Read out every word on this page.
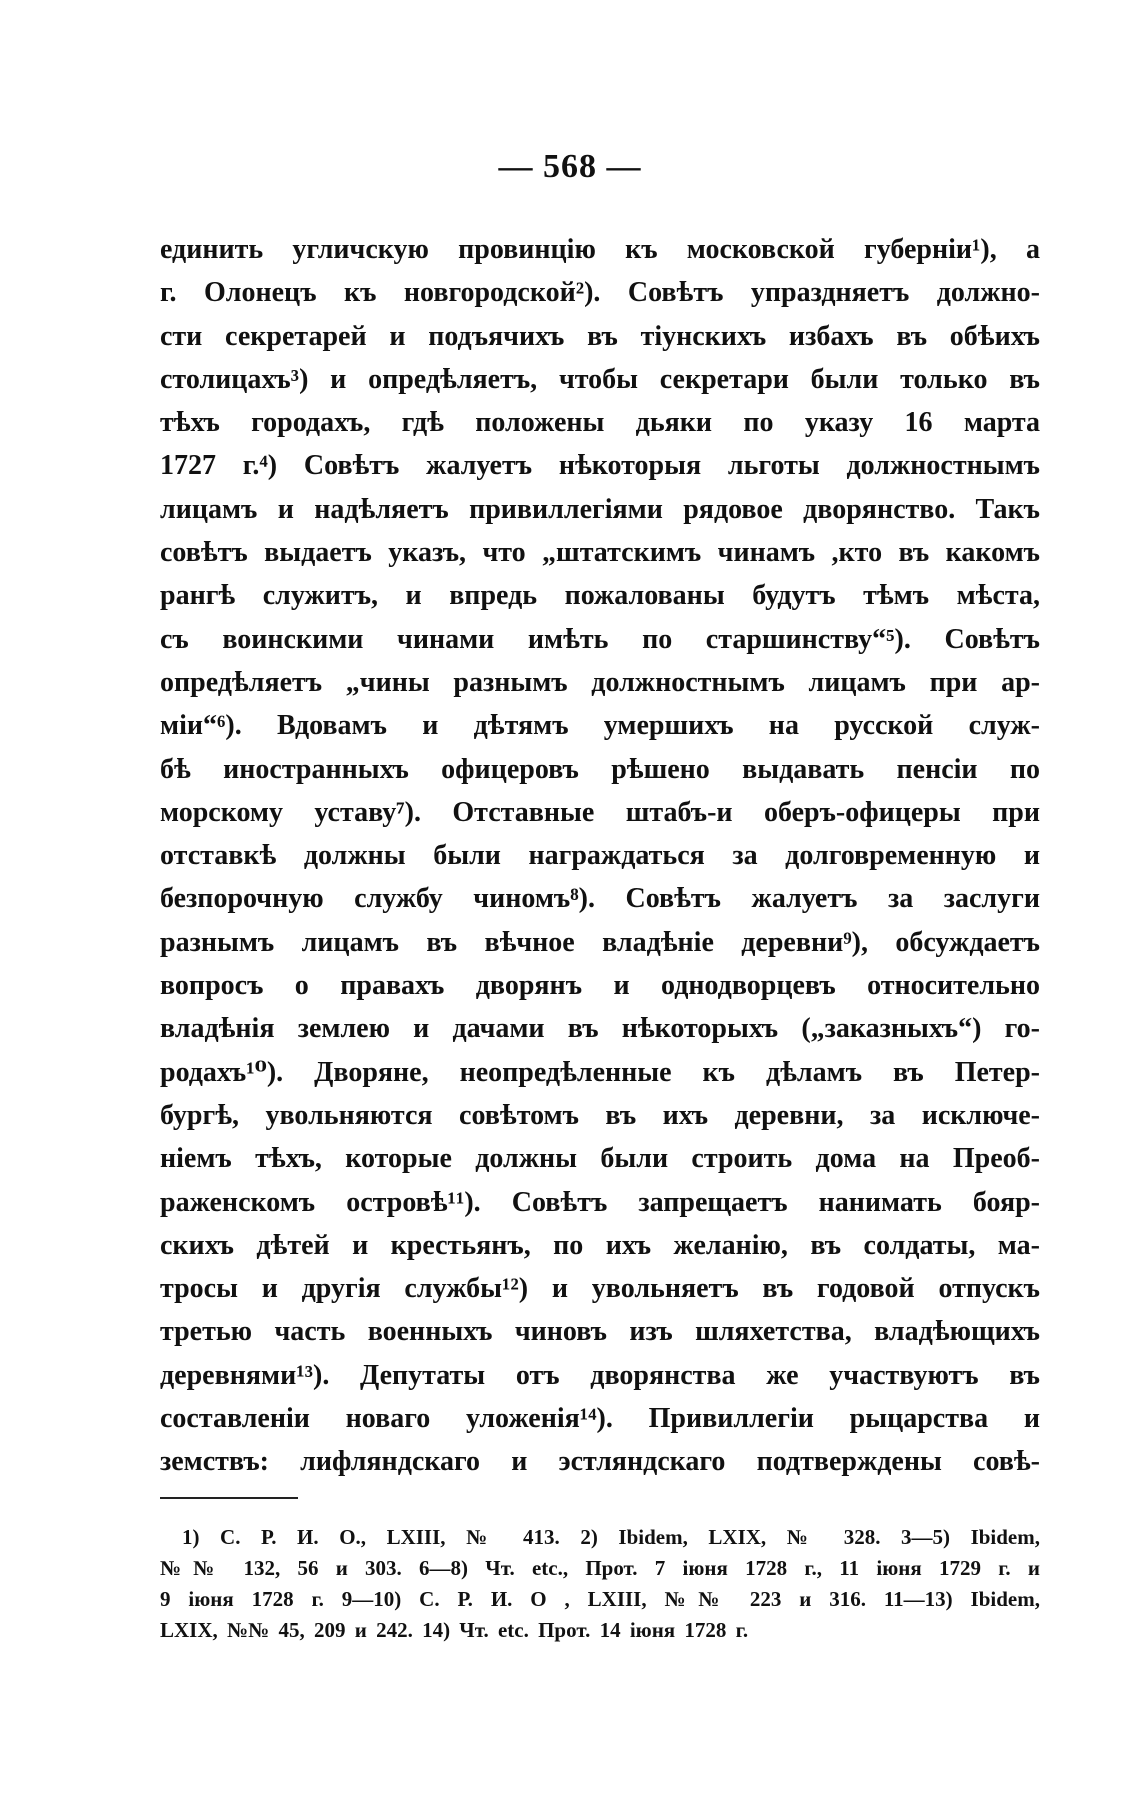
— 568 —
единить угличскую провинцію къ московской губерніи¹), а
г. Олонецъ къ новгородской²). Совѣтъ упраздняетъ должно-
сти секретарей и подъячихъ въ тіунскихъ избахъ въ обѣихъ
столицахъ³) и опредѣляетъ, чтобы секретари были только въ
тѣхъ городахъ, гдѣ положены дьяки по указу 16 марта
1727 г.⁴) Совѣтъ жалуетъ нѣкоторыя льготы должностнымъ
лицамъ и надѣляетъ привиллегіями рядовое дворянство. Такъ
совѣтъ выдаетъ указъ, что „штатскимъ чинамъ ,кто въ какомъ
рангѣ служитъ, и впредь пожалованы будутъ тѣмъ мѣста,
съ воинскими чинами имѣть по старшинству“⁵). Совѣтъ
опредѣляетъ „чины разнымъ должностнымъ лицамъ при ар-
міи“⁶). Вдовамъ и дѣтямъ умершихъ на русской служ-
бѣ иностранныхъ офицеровъ рѣшено выдавать пенсіи по
морскому уставу⁷). Отставные штабъ-и оберъ-офицеры при
отставкѣ должны были награждаться за долговременную и
безпорочную службу чиномъ⁸). Совѣтъ жалуетъ за заслуги
разнымъ лицамъ въ вѣчное владѣніе деревни⁹), обсуждаетъ
вопросъ о правахъ дворянъ и однодворцевъ относительно
владѣнія землею и дачами въ нѣкоторыхъ („заказныхъ“) го-
родахъ¹⁰). Дворяне, неопредѣленные къ дѣламъ въ Петер-
бургѣ, увольняются совѣтомъ въ ихъ деревни, за исключе-
ніемъ тѣхъ, которые должны были строить дома на Преоб-
раженскомъ островѣ¹¹). Совѣтъ запрещаетъ нанимать бояр-
скихъ дѣтей и крестьянъ, по ихъ желанію, въ солдаты, ма-
тросы и другія службы¹²) и увольняетъ въ годовой отпускъ
третью часть военныхъ чиновъ изъ шляхетства, владѣющихъ
деревнями¹³). Депутаты отъ дворянства же участвуютъ въ
составленіи новаго уложенія¹⁴). Привиллегіи рыцарства и
земствъ: лифляндскаго и эстляндскаго подтверждены совѣ-
1) С. Р. И. О., LXIII, № 413. 2) Ibidem, LXIX, № 328. 3—5) Ibidem,
№№ 132, 56 и 303. 6—8) Чт. etc., Прот. 7 іюня 1728 г., 11 іюня 1729 г. и
9 іюня 1728 г. 9—10) С. Р. И. О , LXIII, №№ 223 и 316. 11—13) Ibidem,
LXIX, №№ 45, 209 и 242. 14) Чт. etc. Прот. 14 іюня 1728 г.
